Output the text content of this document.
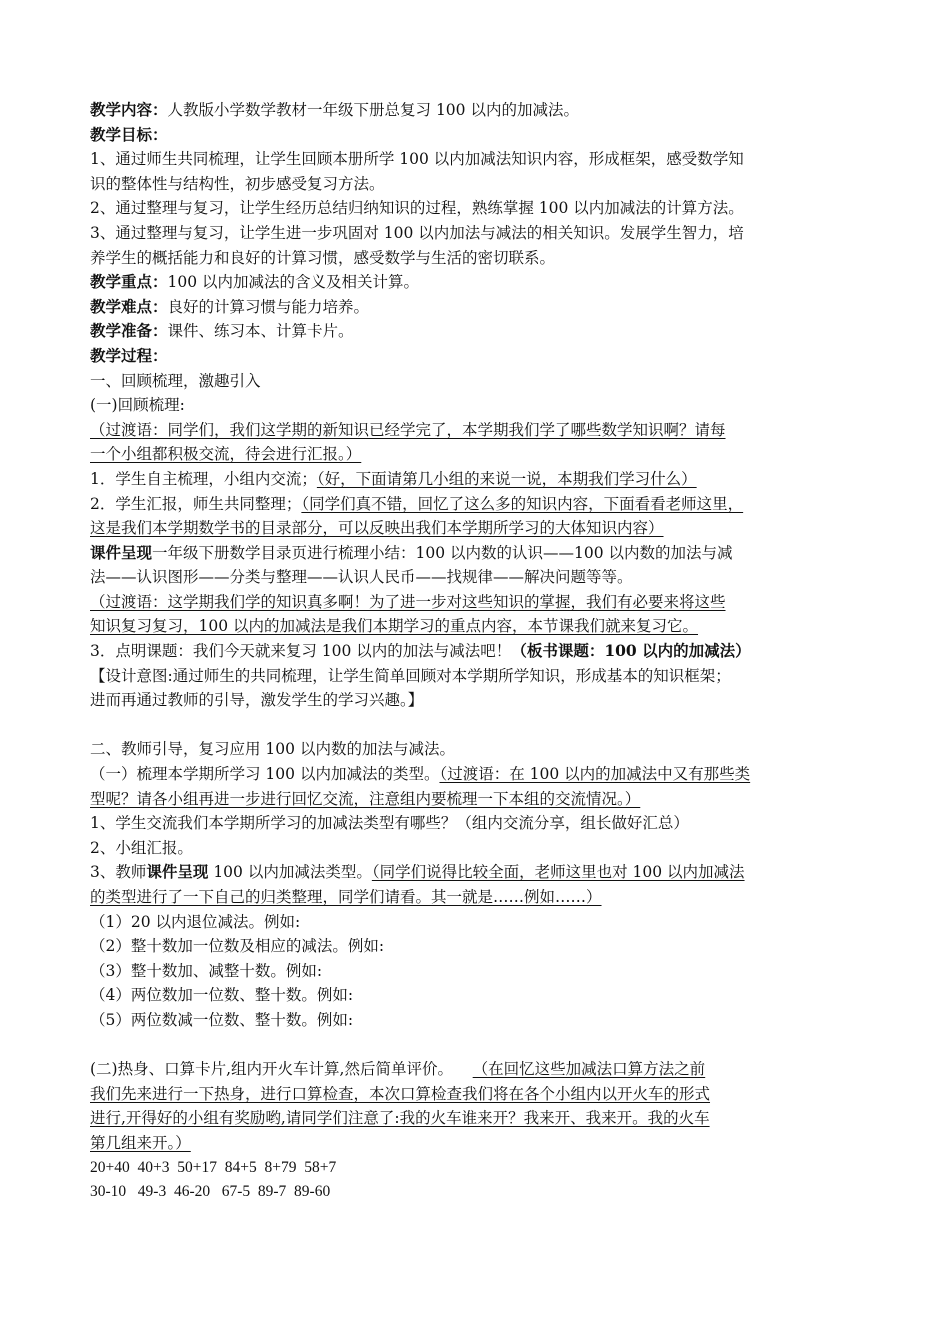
教学内容：人教版小学数学教材一年级下册总复习 100 以内的加减法。
教学目标：
1、通过师生共同梳理，让学生回顾本册所学 100 以内加减法知识内容，形成框架，感受数学知
识的整体性与结构性，初步感受复习方法。
2、通过整理与复习，让学生经历总结归纳知识的过程，熟练掌握 100 以内加减法的计算方法。
3、通过整理与复习，让学生进一步巩固对 100 以内加法与减法的相关知识。发展学生智力，培
养学生的概括能力和良好的计算习惯，感受数学与生活的密切联系。
教学重点：100 以内加减法的含义及相关计算。
教学难点：良好的计算习惯与能力培养。
教学准备：课件、练习本、计算卡片。
教学过程：
一、回顾梳理，激趣引入
(一)回顾梳理:
（过渡语：同学们，我们这学期的新知识已经学完了，本学期我们学了哪些数学知识啊？请每
一个小组都积极交流，待会进行汇报。）
1．学生自主梳理，小组内交流；（好，下面请第几小组的来说一说，本期我们学习什么）
2．学生汇报，师生共同整理；（同学们真不错，回忆了这么多的知识内容，下面看看老师这里，
这是我们本学期数学书的目录部分，可以反映出我们本学期所学习的大体知识内容）
课件呈现一年级下册数学目录页进行梳理小结：100 以内数的认识——100 以内数的加法与减
法——认识图形——分类与整理——认识人民币——找规律——解决问题等等。
（过渡语：这学期我们学的知识真多啊！为了进一步对这些知识的掌握，我们有必要来将这些
知识复习复习，100 以内的加减法是我们本期学习的重点内容，本节课我们就来复习它。
3．点明课题：我们今天就来复习 100 以内的加法与减法吧！（板书课题：100 以内的加减法）
【设计意图:通过师生的共同梳理，让学生简单回顾对本学期所学知识，形成基本的知识框架；
进而再通过教师的引导，激发学生的学习兴趣。】
二、教师引导，复习应用 100 以内数的加法与减法。
（一）梳理本学期所学习 100 以内加减法的类型。（过渡语：在 100 以内的加减法中又有那些类
型呢？请各小组再进一步进行回忆交流，注意组内要梳理一下本组的交流情况。）
1、学生交流我们本学期所学习的加减法类型有哪些？（组内交流分享，组长做好汇总）
2、小组汇报。
3、教师课件呈现 100 以内加减法类型。（同学们说得比较全面，老师这里也对 100 以内加减法
的类型进行了一下自己的归类整理，同学们请看。其一就是……例如……）
（1）20 以内退位减法。例如:
（2）整十数加一位数及相应的减法。例如:
（3）整十数加、减整十数。例如:
（4）两位数加一位数、整十数。例如:
（5）两位数减一位数、整十数。例如:
(二)热身、口算卡片,组内开火车计算,然后简单评价。    （在回忆这些加减法口算方法之前
我们先来进行一下热身，进行口算检查，本次口算检查我们将在各个小组内以开火车的形式
进行,开得好的小组有奖励哟,请同学们注意了:我的火车谁来开？我来开、我来开。我的火车
第几组来开。）
20+40  40+3  50+17  84+5  8+79  58+7
30-10   49-3  46-20   67-5  89-7  89-60
